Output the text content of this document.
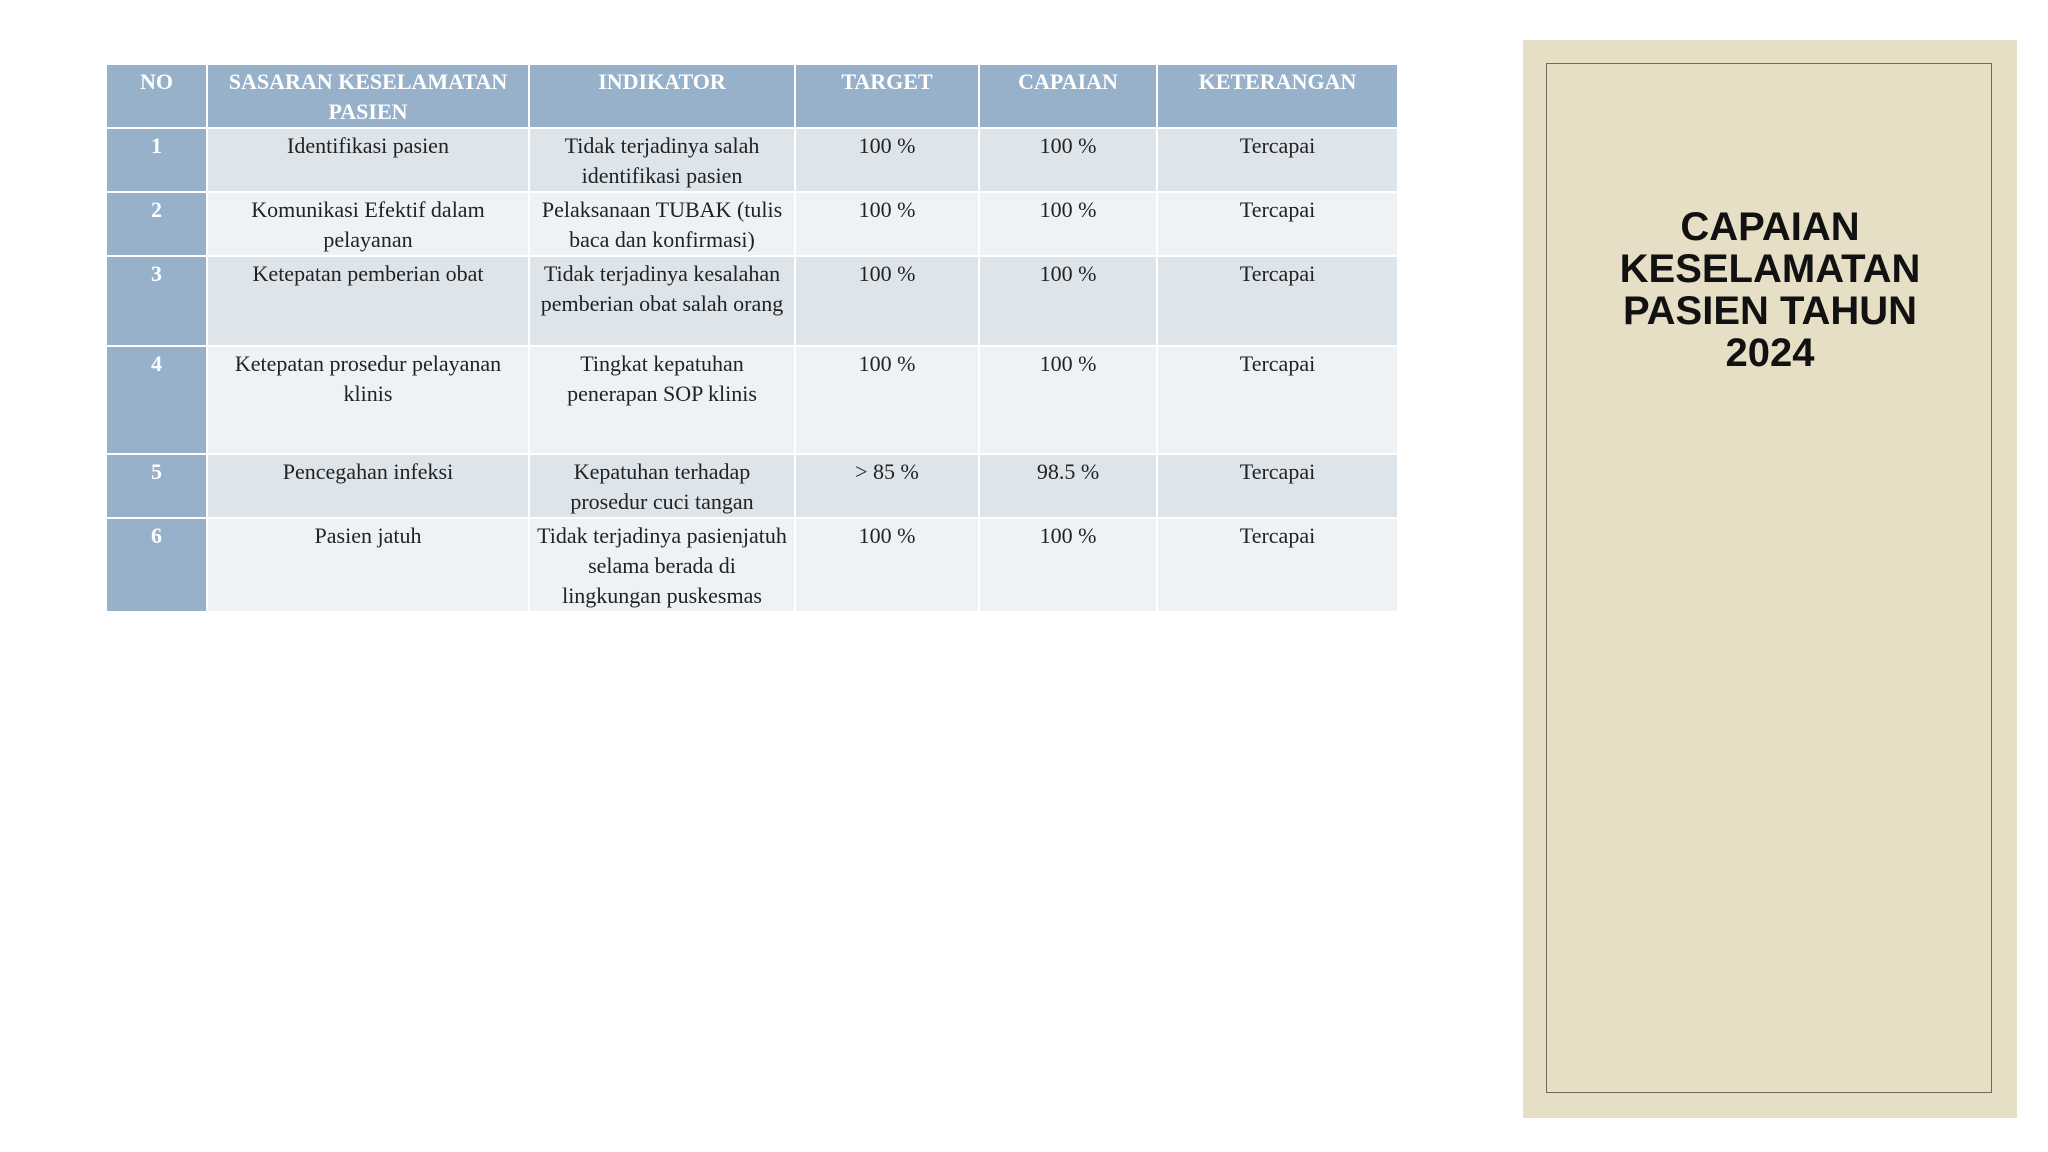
NO	SASARAN KESELAMATAN PASIEN	INDIKATOR	TARGET	CAPAIAN	KETERANGAN
1	Identifikasi pasien	Tidak terjadinya salah identifikasi pasien	100 %	100 %	Tercapai
2	Komunikasi Efektif dalam pelayanan	Pelaksanaan TUBAK (tulis baca dan konfirmasi)	100 %	100 %	Tercapai
3	Ketepatan pemberian obat	Tidak terjadinya kesalahan pemberian obat salah orang	100 %	100 %	Tercapai
4	Ketepatan prosedur pelayanan klinis	Tingkat kepatuhan penerapan SOP klinis	100 %	100 %	Tercapai
5	Pencegahan infeksi	Kepatuhan terhadap prosedur cuci tangan	> 85 %	98.5 %	Tercapai
6	Pasien jatuh	Tidak terjadinya pasienjatuh selama berada di lingkungan puskesmas	100 %	100 %	Tercapai
CAPAIAN
KESELAMATAN
PASIEN TAHUN
2024
